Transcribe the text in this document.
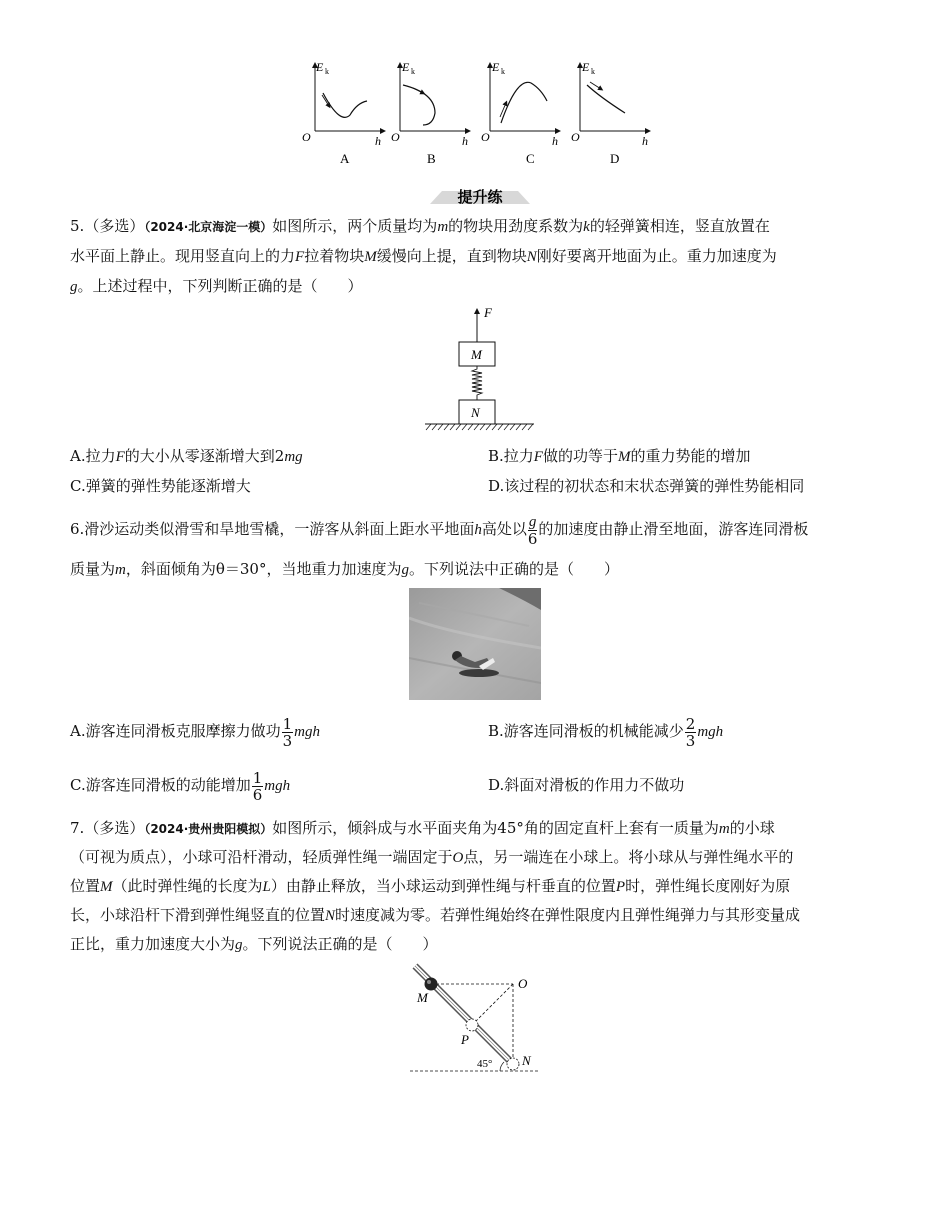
E k
O	h
A
E k
O	h
B
E k
O	h
C
E k
O	h
D
提升练
5.（多选）（2024·北京海淀一模）如图所示，两个质量均为m的物块用劲度系数为k的轻弹簧相连，竖直放置在
水平面上静止。现用竖直向上的力F拉着物块M缓慢向上提，直到物块N刚好要离开地面为止。重力加速度为
g。上述过程中，下列判断正确的是（　　）
F
M
N
A.拉力F的大小从零逐渐增大到2mg	B.拉力F做的功等于M的重力势能的增加
C.弹簧的弹性势能逐渐增大	D.该过程的初状态和末状态弹簧的弹性势能相同
6.滑沙运动类似滑雪和旱地雪橇，一游客从斜面上距水平地面h高处以 $\frac{g}{6}$ 的加速度由静止滑至地面，游客连同滑板
质量为m，斜面倾角为θ＝30°，当地重力加速度为g。下列说法中正确的是（　　）
A.游客连同滑板克服摩擦力做功 $\frac{1}{3}$ mgh	B.游客连同滑板的机械能减少 $\frac{2}{3}$ mgh
C.游客连同滑板的动能增加 $\frac{1}{6}$ mgh	D.斜面对滑板的作用力不做功
7.（多选）（2024·贵州贵阳模拟）如图所示，倾斜成与水平面夹角为45°角的固定直杆上套有一质量为m的小球
（可视为质点），小球可沿杆滑动，轻质弹性绳一端固定于O点，另一端连在小球上。将小球从与弹性绳水平的
位置M（此时弹性绳的长度为L）由静止释放，当小球运动到弹性绳与杆垂直的位置P时，弹性绳长度刚好为原
长，小球沿杆下滑到弹性绳竖直的位置N时速度减为零。若弹性绳始终在弹性限度内且弹性绳弹力与其形变量成
正比，重力加速度大小为g。下列说法正确的是（　　）
M
O
P
N
45°
